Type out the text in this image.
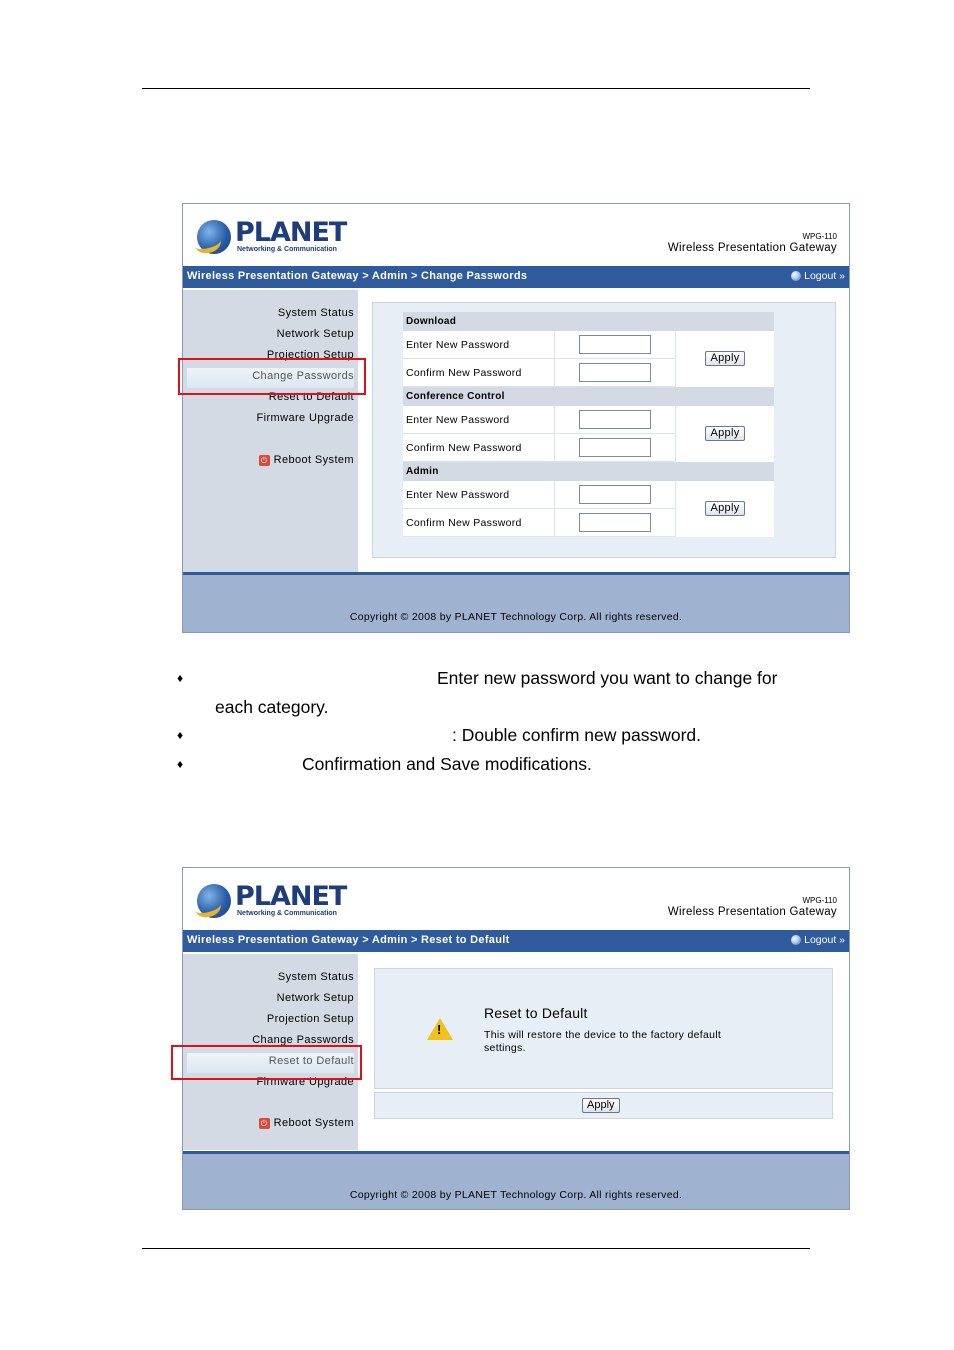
PLANET
Networking & Communication
WPG-110
Wireless Presentation Gateway
Wireless Presentation Gateway > Admin > Change Passwords	Logout »
System Status
Network Setup
Projection Setup
Change Passwords
Reset to Default
Firmware Upgrade
⏻ Reboot System
Download		
Enter New Password		Apply
Confirm New Password		
Conference Control		
Enter New Password		Apply
Confirm New Password		
Admin		
Enter New Password		Apply
Confirm New Password		
Copyright © 2008 by PLANET Technology Corp. All rights reserved.
♦	Enter new password you want to change for
each category.
♦	: Double confirm new password.
♦	Confirmation and Save modifications.
PLANET
Networking & Communication
WPG-110
Wireless Presentation Gateway
Wireless Presentation Gateway > Admin > Reset to Default	Logout »
System Status
Network Setup
Projection Setup
Change Passwords
Reset to Default
Firmware Upgrade
⏻ Reboot System
!
Reset to Default
This will restore the device to the factory default settings.
Apply
Copyright © 2008 by PLANET Technology Corp. All rights reserved.
